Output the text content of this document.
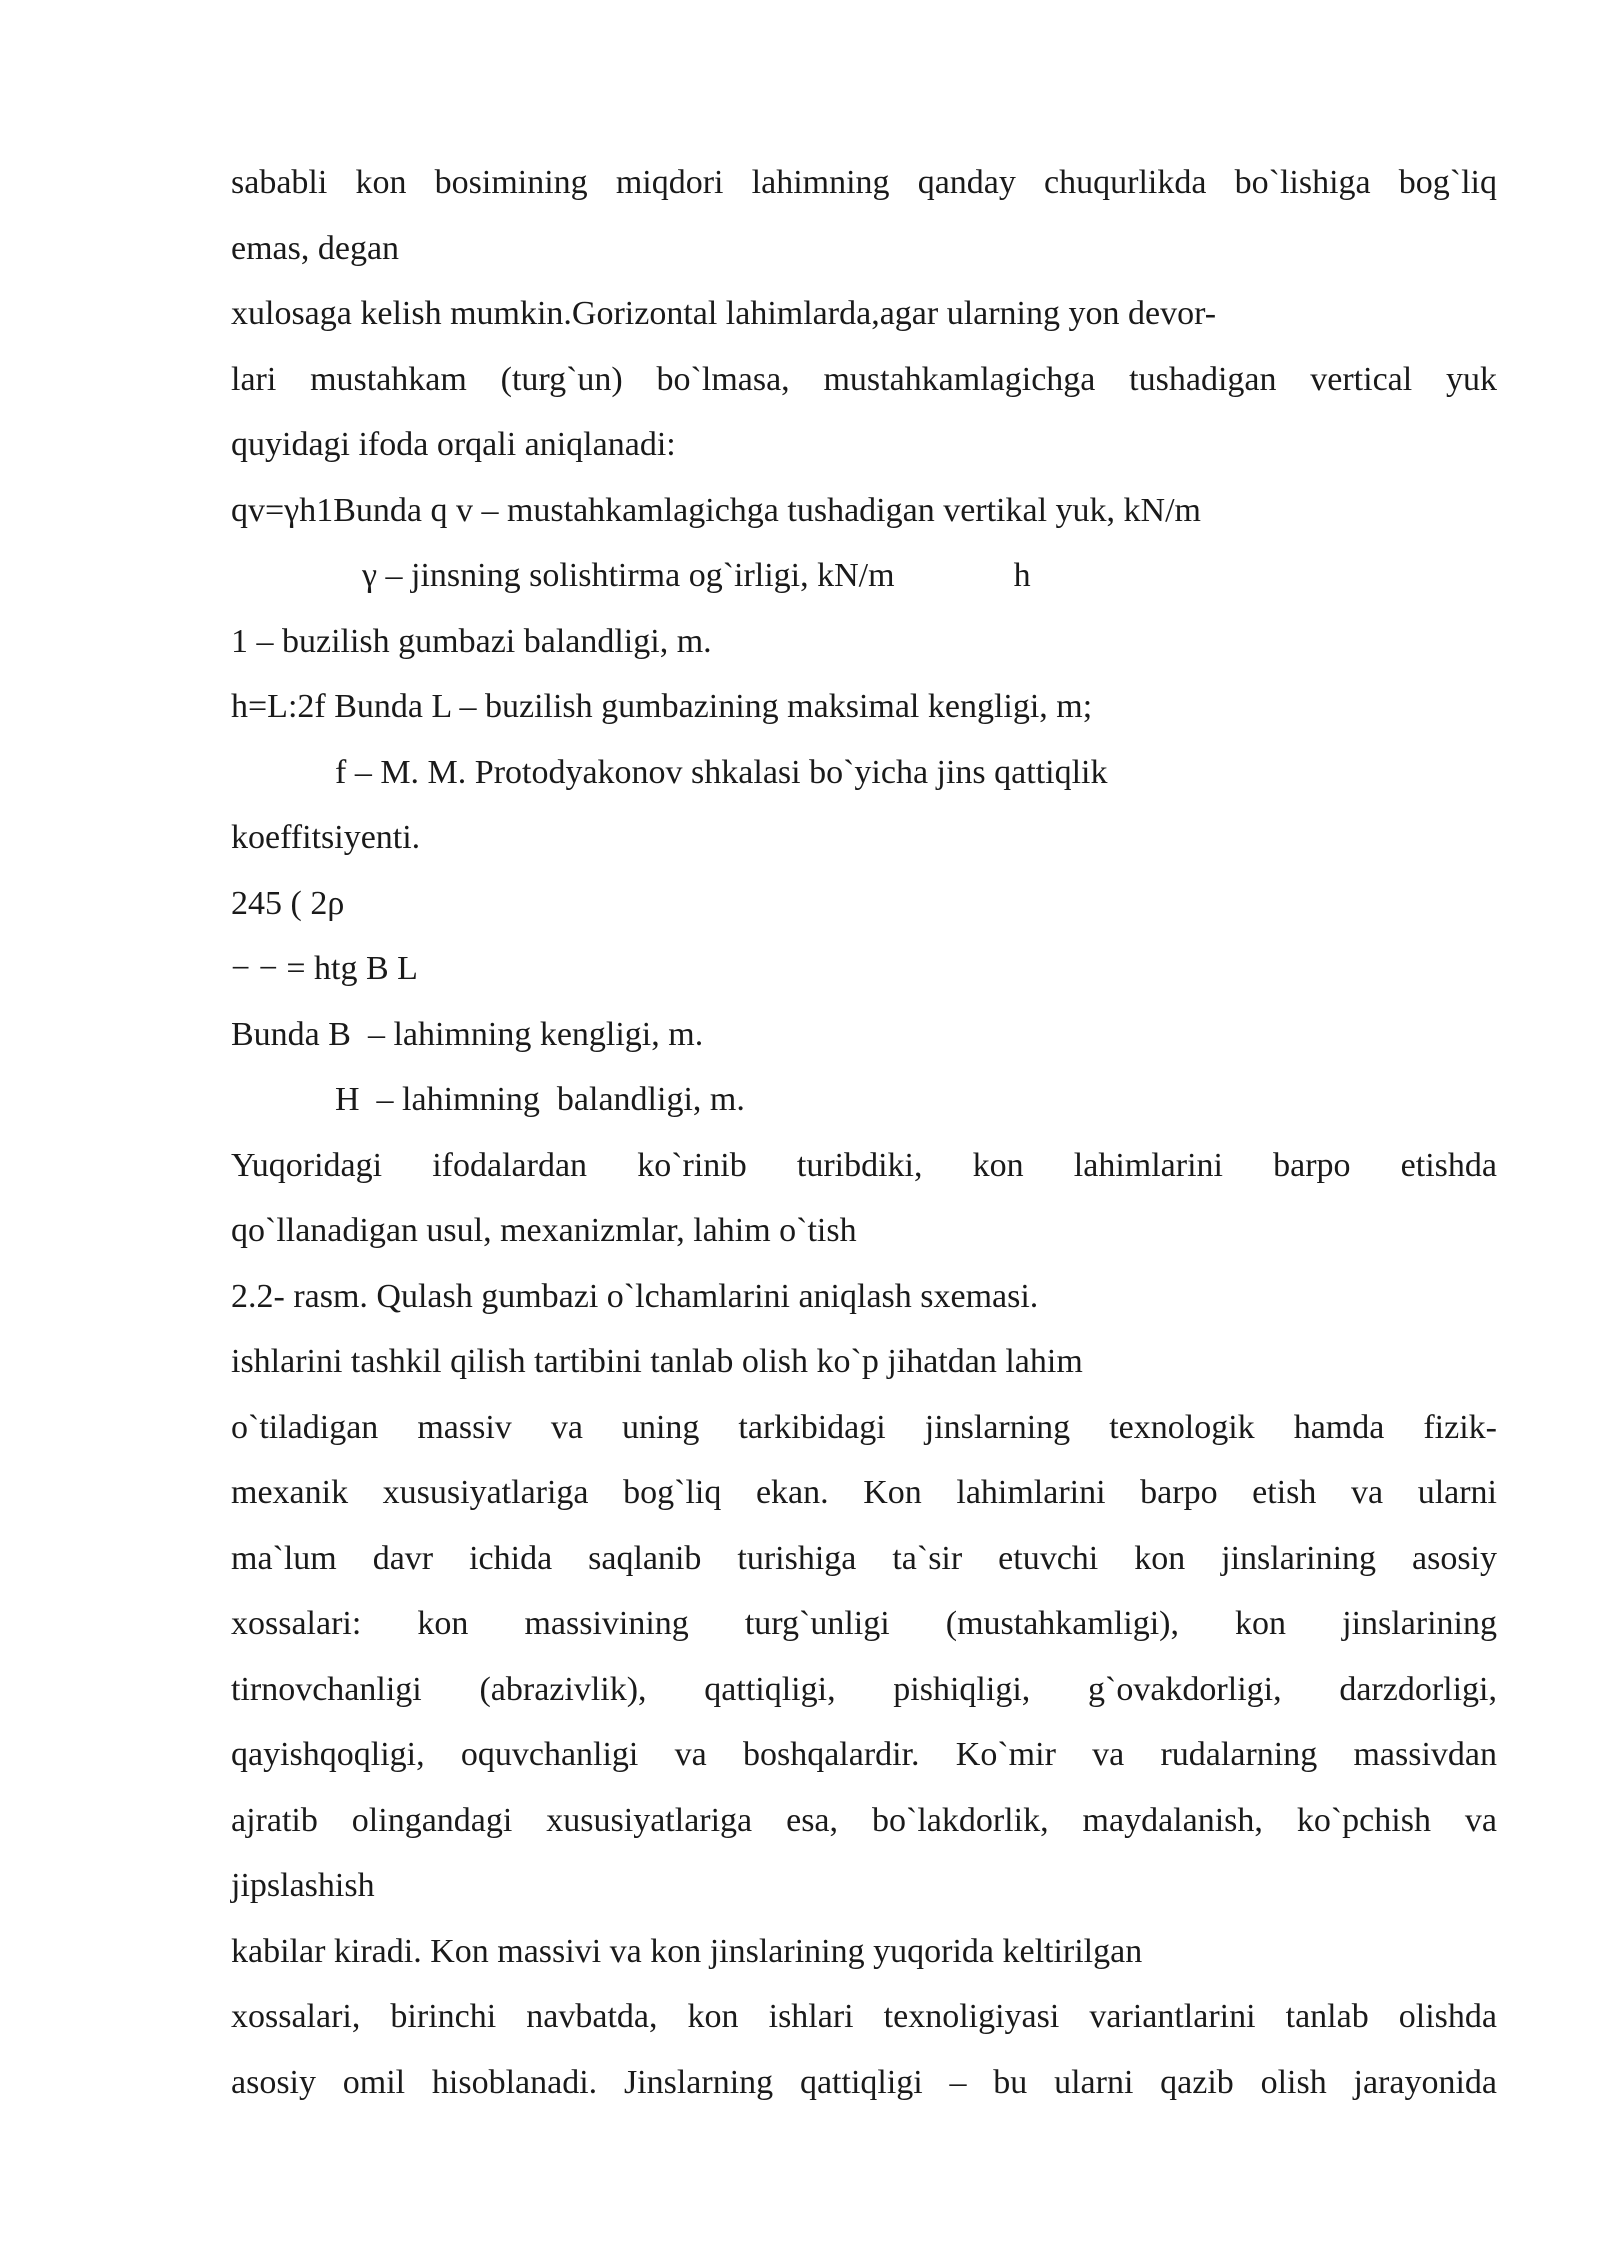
sababli kon bosimining miqdori lahimning qanday chuqurlikda bo`lishiga bog`liq
emas, degan
xulosaga kelish mumkin.Gorizontal lahimlarda,agar ularning yon devor-
lari mustahkam (turg`un) bo`lmasa, mustahkamlagichga tushadigan vertical yuk
quyidagi ifoda orqali aniqlanadi:
qv=γh1Bunda q v – mustahkamlagichga tushadigan vertikal yuk, kN/m
γ – jinsning solishtirma og`irligi, kN/m              h
1 – buzilish gumbazi balandligi, m.
h=L:2f Bunda L – buzilish gumbazining maksimal kengligi, m;
f – M. M. Protodyakonov shkalasi bo`yicha jins qattiqlik
koeffitsiyenti.
245 ( 2ρ
− − = htg B L
Bunda B  – lahimning kengligi, m.
H  – lahimning  balandligi, m.
Yuqoridagi ifodalardan ko`rinib turibdiki, kon lahimlarini barpo etishda
qo`llanadigan usul, mexanizmlar, lahim o`tish
2.2- rasm. Qulash gumbazi o`lchamlarini aniqlash sxemasi.
ishlarini tashkil qilish tartibini tanlab olish ko`p jihatdan lahim
o`tiladigan massiv va uning tarkibidagi jinslarning texnologik hamda fizik-
mexanik xususiyatlariga bog`liq ekan. Kon lahimlarini barpo etish va ularni
ma`lum davr ichida saqlanib turishiga ta`sir etuvchi kon jinslarining asosiy
xossalari: kon massivining turg`unligi (mustahkamligi), kon jinslarining
tirnovchanligi (abrazivlik), qattiqligi, pishiqligi, g`ovakdorligi, darzdorligi,
qayishqoqligi, oquvchanligi va boshqalardir. Ko`mir va rudalarning massivdan
ajratib olingandagi xususiyatlariga esa, bo`lakdorlik, maydalanish, ko`pchish va
jipslashish
kabilar kiradi. Kon massivi va kon jinslarining yuqorida keltirilgan
xossalari, birinchi navbatda, kon ishlari texnoligiyasi variantlarini tanlab olishda
asosiy omil hisoblanadi. Jinslarning qattiqligi – bu ularni qazib olish jarayonida
